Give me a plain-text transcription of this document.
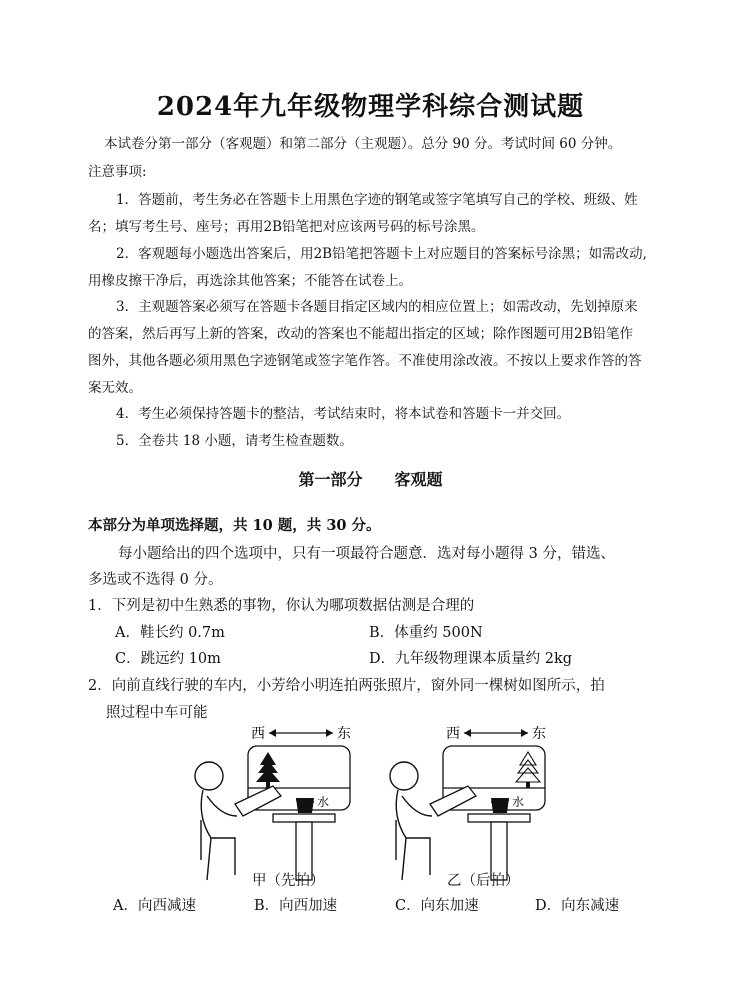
2024年九年级物理学科综合测试题
本试卷分第一部分（客观题）和第二部分（主观题）。总分 90 分。考试时间 60 分钟。
注意事项:
1．答题前，考生务必在答题卡上用黑色字迹的钢笔或签字笔填写自己的学校、班级、姓
名；填写考生号、座号；再用2B铅笔把对应该两号码的标号涂黑。
2．客观题每小题选出答案后，用2B铅笔把答题卡上对应题目的答案标号涂黑；如需改动,
用橡皮擦干净后，再选涂其他答案；不能答在试卷上。
3．主观题答案必须写在答题卡各题目指定区域内的相应位置上；如需改动，先划掉原来
的答案，然后再写上新的答案，改动的答案也不能超出指定的区域；除作图题可用2B铅笔作
图外，其他各题必须用黑色字迹钢笔或签字笔作答。不准使用涂改液。不按以上要求作答的答
案无效。
4．考生必须保持答题卡的整洁，考试结束时，将本试卷和答题卡一并交回。
5．全卷共 18 小题，请考生检查题数。
第一部分　　客观题
本部分为单项选择题，共 10 题，共 30 分。
每小题给出的四个选项中，只有一项最符合题意．选对每小题得 3 分，错选、
多选或不选得 0 分。
1．下列是初中生熟悉的事物，你认为哪项数据估测是合理的
A．鞋长约 0.7m	B．体重约 500N
C．跳远约 10m	D．九年级物理课本质量约 2kg
2．向前直线行驶的车内，小芳给小明连拍两张照片，窗外同一棵树如图所示，拍
照过程中车可能
西	东
水
甲（先拍）
西	东
水
乙（后拍）
A．向西减速	B．向西加速	C．向东加速	D．向东减速
